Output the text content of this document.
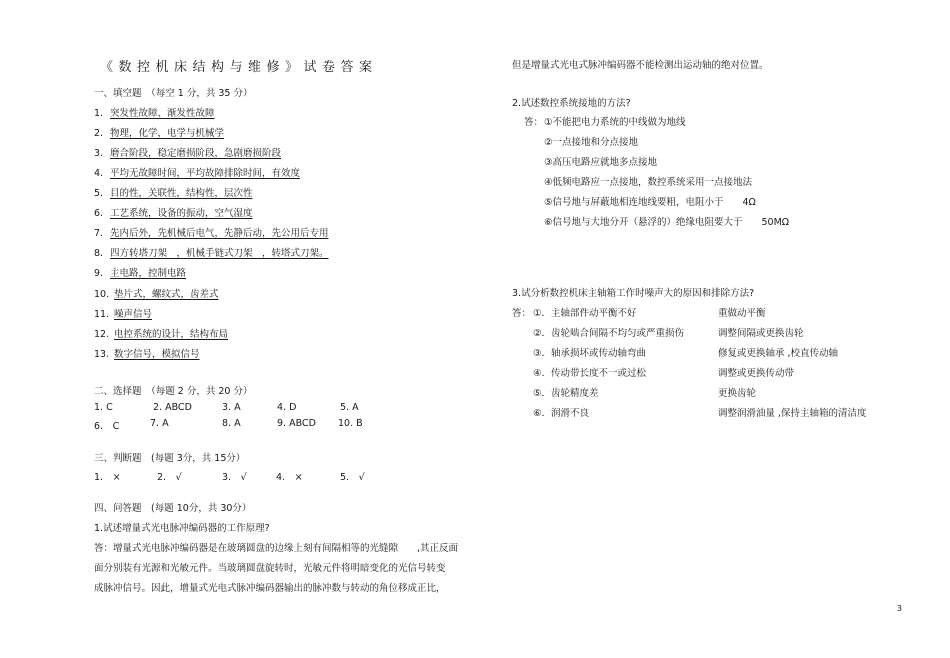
《数控机床结构与维修》试卷答案
一、填空题　（每空 1 分，共 35 分）
1. 突发性故障、渐发性故障
2. 物理，化学，电学与机械学
3. 磨合阶段，稳定磨损阶段，急剧磨损阶段
4. 平均无故障时间，平均故障排除时间，有效度
5. 目的性，关联性，结构性，层次性
6. 工艺系统，设备的振动，空气湿度
7. 先内后外，先机械后电气，先静后动，先公用后专用
8. 四方转塔刀架　，机械手链式刀架　，转塔式刀架。
9. 主电路，控制电路
10. 垫片式，螺纹式，齿差式
11. 噪声信号
12. 电控系统的设计，结构布局
13. 数字信号，模拟信号
二、选择题　（每题 2 分，共 20 分）
1. C	2. ABCD	3. A	4. D	5. A
6.　C	7. A	8. A	9. ABCD 10. B
三、判断题　(每题 3分，共 15分）
1.　×	2.　√	3.　√	4.　×	5.　√
四、问答题　(每题 10分，共 30分）
1.试述增量式光电脉冲编码器的工作原理?
答：增量式光电脉冲编码器是在玻璃圆盘的边缘上刻有间隔相等的光缝隙　　,其正反面
面分别装有光源和光敏元件。当玻璃圆盘旋转时，光敏元件将明暗变化的光信号转变
成脉冲信号。因此，增量式光电式脉冲编码器输出的脉冲数与转动的角位移成正比，
但是增量式光电式脉冲编码器不能检测出运动轴的绝对位置。
2.试述数控系统接地的方法?
答： ①不能把电力系统的中线做为地线
②一点接地和分点接地
③高压电路应就地多点接地
④低频电路应一点接地，数控系统采用一点接地法
⑤信号地与屏蔽地相连地线要粗，电阻小于　　4Ω
⑥信号地与大地分开（悬浮的）绝缘电阻要大于　　50MΩ
3.试分析数控机床主轴箱工作时噪声大的原因和排除方法?
答： ①．主轴部件动平衡不好	重做动平衡
②．齿轮啮合间隔不均匀或严重损伤	调整间隔或更换齿轮
③．轴承损坏或传动轴弯曲	修复或更换轴承 ,校直传动轴
④．传动带长度不一或过松	调整或更换传动带
⑤．齿轮精度差	更换齿轮
⑥．润滑不良	调整润滑油量 ,保持主轴箱的清洁度
3
